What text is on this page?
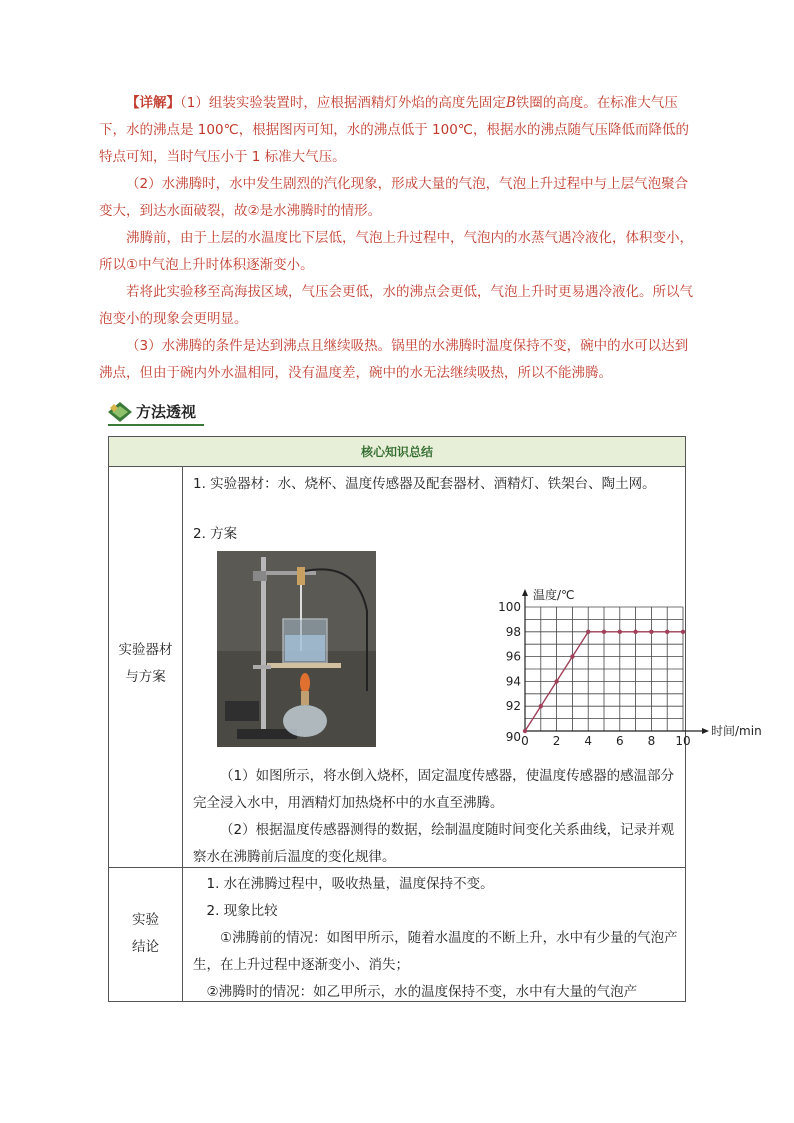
【详解】（1）组装实验装置时，应根据酒精灯外焰的高度先固定B铁圈的高度。在标准大气压下，水的沸点是 100℃，根据图丙可知，水的沸点低于 100℃，根据水的沸点随气压降低而降低的特点可知，当时气压小于 1 标准大气压。

（2）水沸腾时，水中发生剧烈的汽化现象，形成大量的气泡，气泡上升过程中与上层气泡聚合变大，到达水面破裂，故②是水沸腾时的情形。

沸腾前，由于上层的水温度比下层低，气泡上升过程中，气泡内的水蒸气遇冷液化，体积变小，所以①中气泡上升时体积逐渐变小。

若将此实验移至高海拔区域，气压会更低，水的沸点会更低，气泡上升时更易遇冷液化。所以气泡变小的现象会更明显。

（3）水沸腾的条件是达到沸点且继续吸热。锅里的水沸腾时温度保持不变，碗中的水可以达到沸点，但由于碗内外水温相同，没有温度差，碗中的水无法继续吸热，所以不能沸腾。

方法透视
核心知识总结
实验器材
与方案
1. 实验器材：水、烧杯、温度传感器及配套器材、酒精灯、铁架台、陶土网。
2. 方案
0 2 4 6 8 10
92
94
96
98
100
90
温度/℃
时间/min
（1）如图所示，将水倒入烧杯，固定温度传感器，使温度传感器的感温部分完全浸入水中，用酒精灯加热烧杯中的水直至沸腾。
（2）根据温度传感器测得的数据，绘制温度随时间变化关系曲线，记录并观察水在沸腾前后温度的变化规律。
实验
结论
1. 水在沸腾过程中，吸收热量，温度保持不变。
2. 现象比较
①沸腾前的情况：如图甲所示，随着水温度的不断上升，水中有少量的气泡产生，在上升过程中逐渐变小、消失；
②沸腾时的情况：如乙甲所示，水的温度保持不变，水中有大量的气泡产
